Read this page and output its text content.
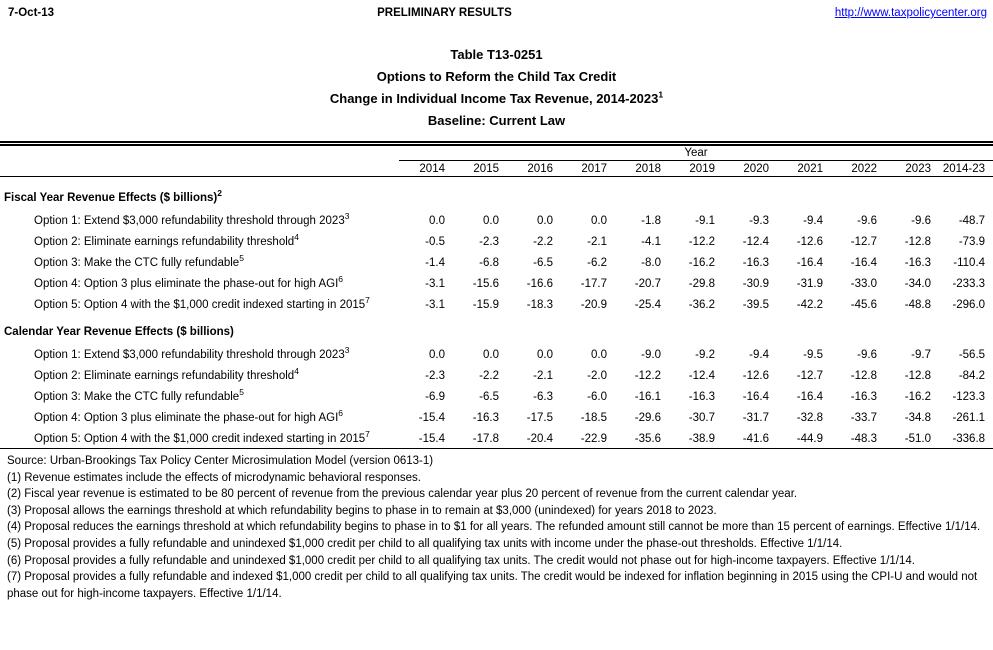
7-Oct-13	PRELIMINARY RESULTS	http://www.taxpolicycenter.org
Table T13-0251
Options to Reform the Child Tax Credit
Change in Individual Income Tax Revenue, 2014-2023$^1$
Baseline: Current Law
	Year										
	2014	2015	2016	2017	2018	2019	2020	2021	2022	2023	2014-23
Fiscal Year Revenue Effects ($ billions)$^2$
Option 1: Extend $3,000 refundability threshold through 2023$^3$	0.0	0.0	0.0	0.0	-1.8	-9.1	-9.3	-9.4	-9.6	-9.6	-48.7
Option 2: Eliminate earnings refundability threshold$^4$	-0.5	-2.3	-2.2	-2.1	-4.1	-12.2	-12.4	-12.6	-12.7	-12.8	-73.9
Option 3: Make the CTC fully refundable$^5$	-1.4	-6.8	-6.5	-6.2	-8.0	-16.2	-16.3	-16.4	-16.4	-16.3	-110.4
Option 4: Option 3 plus eliminate the phase-out for high AGI$^6$	-3.1	-15.6	-16.6	-17.7	-20.7	-29.8	-30.9	-31.9	-33.0	-34.0	-233.3
Option 5: Option 4 with the $1,000 credit indexed starting in 2015$^7$	-3.1	-15.9	-18.3	-20.9	-25.4	-36.2	-39.5	-42.2	-45.6	-48.8	-296.0
Calendar Year Revenue Effects ($ billions)											
Option 1: Extend $3,000 refundability threshold through 2023$^3$	0.0	0.0	0.0	0.0	-9.0	-9.2	-9.4	-9.5	-9.6	-9.7	-56.5
Option 2: Eliminate earnings refundability threshold$^4$	-2.3	-2.2	-2.1	-2.0	-12.2	-12.4	-12.6	-12.7	-12.8	-12.8	-84.2
Option 3: Make the CTC fully refundable$^5$	-6.9	-6.5	-6.3	-6.0	-16.1	-16.3	-16.4	-16.4	-16.3	-16.2	-123.3
Option 4: Option 3 plus eliminate the phase-out for high AGI$^6$	-15.4	-16.3	-17.5	-18.5	-29.6	-30.7	-31.7	-32.8	-33.7	-34.8	-261.1
Option 5: Option 4 with the $1,000 credit indexed starting in 2015$^7$	-15.4	-17.8	-20.4	-22.9	-35.6	-38.9	-41.6	-44.9	-48.3	-51.0	-336.8
Source: Urban-Brookings Tax Policy Center Microsimulation Model (version 0613-1)
(1) Revenue estimates include the effects of microdynamic behavioral responses.
(2) Fiscal year revenue is estimated to be 80 percent of revenue from the previous calendar year plus 20 percent of revenue from the current calendar year.
(3) Proposal allows the earnings threshold at which refundability begins to phase in to remain at $3,000 (unindexed) for years 2018 to 2023.
(4) Proposal reduces the earnings threshold at which refundability begins to phase in to $1 for all years. The refunded amount still cannot be more than 15 percent of earnings. Effective 1/1/14.
(5) Proposal provides a fully refundable and unindexed $1,000 credit per child to all qualifying tax units with income under the phase-out thresholds. Effective 1/1/14.
(6) Proposal provides a fully refundable and unindexed $1,000 credit per child to all qualifying tax units. The credit would not phase out for high-income taxpayers. Effective 1/1/14.
(7) Proposal provides a fully refundable and indexed $1,000 credit per child to all qualifying tax units. The credit would be indexed for inflation beginning in 2015 using the CPI-U and would not phase out for high-income taxpayers. Effective 1/1/14.
